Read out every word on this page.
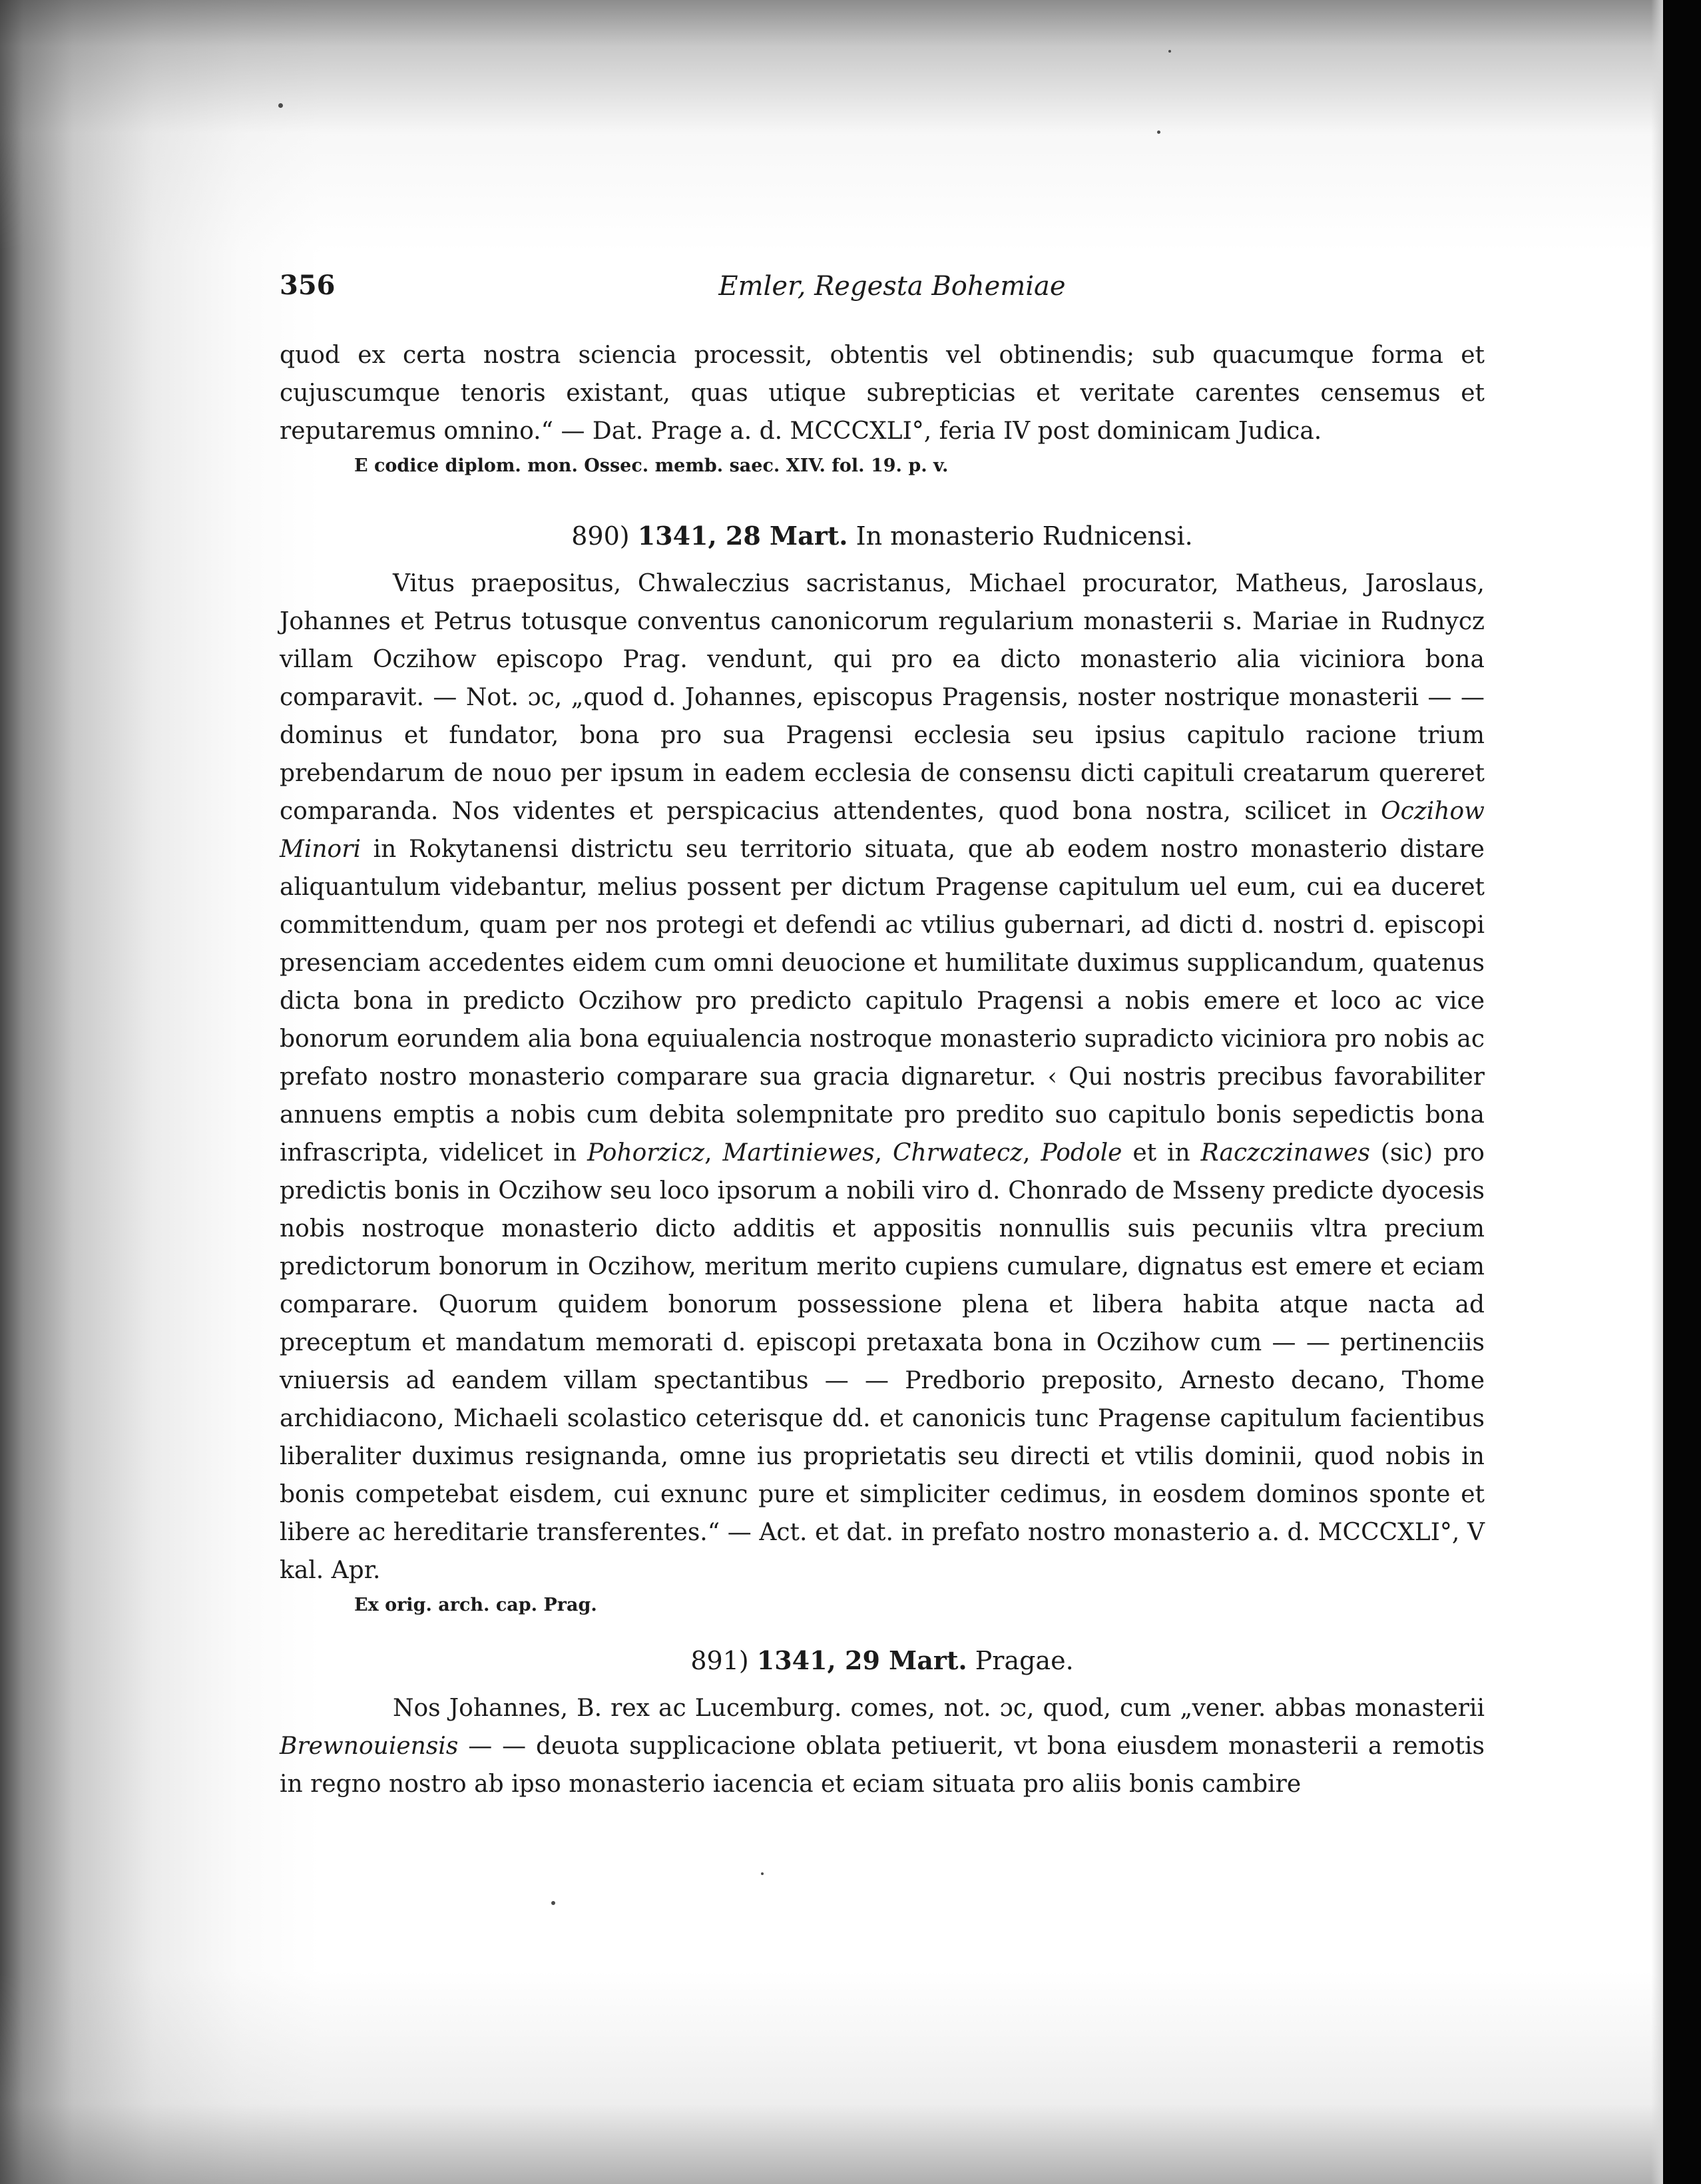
356	Emler, Regesta Bohemiae

quod ex certa nostra sciencia processit, obtentis vel obtinendis; sub quacumque forma et cujuscumque tenoris existant, quas utique subrepticias et veritate carentes censemus et reputaremus omnino.“ — Dat. Prage a. d. MCCCXLI°, feria IV post dominicam Judica.

E codice diplom. mon. Ossec. memb. saec. XIV. fol. 19. p. v.

890) 1341, 28 Mart. In monasterio Rudnicensi.

Vitus praepositus, Chwaleczius sacristanus, Michael procurator, Matheus, Jaroslaus, Johannes et Petrus totusque conventus canonicorum regularium monasterii s. Mariae in Rudnycz villam Oczihow episcopo Prag. vendunt, qui pro ea dicto monasterio alia viciniora bona comparavit. — Not. ɔc, „quod d. Johannes, episcopus Pragensis, noster nostrique monasterii — — dominus et fundator, bona pro sua Pragensi ecclesia seu ipsius capitulo racione trium prebendarum de nouo per ipsum in eadem ecclesia de consensu dicti capituli creatarum quereret comparanda. Nos videntes et perspicacius attendentes, quod bona nostra, scilicet in Oczihow Minori in Rokytanensi districtu seu territorio situata, que ab eodem nostro monasterio distare aliquantulum videbantur, melius possent per dictum Pragense capitulum uel eum, cui ea duceret committendum, quam per nos protegi et defendi ac vtilius gubernari, ad dicti d. nostri d. episcopi presenciam accedentes eidem cum omni deuocione et humilitate duximus supplicandum, quatenus dicta bona in predicto Oczihow pro predicto capitulo Pragensi a nobis emere et loco ac vice bonorum eorundem alia bona equiualencia nostroque monasterio supradicto viciniora pro nobis ac prefato nostro monasterio comparare sua gracia dignaretur. ‹ Qui nostris precibus favorabiliter annuens emptis a nobis cum debita solempnitate pro predito suo capitulo bonis sepedictis bona infrascripta, videlicet in Pohorzicz, Martiniewes, Chrwatecz, Podole et in Raczczinawes (sic) pro predictis bonis in Oczihow seu loco ipsorum a nobili viro d. Chonrado de Msseny predicte dyocesis nobis nostroque monasterio dicto additis et appositis nonnullis suis pecuniis vltra precium predictorum bonorum in Oczihow, meritum merito cupiens cumulare, dignatus est emere et eciam comparare. Quorum quidem bonorum possessione plena et libera habita atque nacta ad preceptum et mandatum memorati d. episcopi pretaxata bona in Oczihow cum — — pertinenciis vniuersis ad eandem villam spectantibus — — Predborio preposito, Arnesto decano, Thome archidiacono, Michaeli scolastico ceterisque dd. et canonicis tunc Pragense capitulum facientibus liberaliter duximus resignanda, omne ius proprietatis seu directi et vtilis dominii, quod nobis in bonis competebat eisdem, cui exnunc pure et simpliciter cedimus, in eosdem dominos sponte et libere ac hereditarie transferentes.“ — Act. et dat. in prefato nostro monasterio a. d. MCCCXLI°, V kal. Apr.

Ex orig. arch. cap. Prag.

891) 1341, 29 Mart. Pragae.

Nos Johannes, B. rex ac Lucemburg. comes, not. ɔc, quod, cum „vener. abbas monasterii Brewnouiensis — — deuota supplicacione oblata petiuerit, vt bona eiusdem monasterii a remotis in regno nostro ab ipso monasterio iacencia et eciam situata pro aliis bonis cambire
